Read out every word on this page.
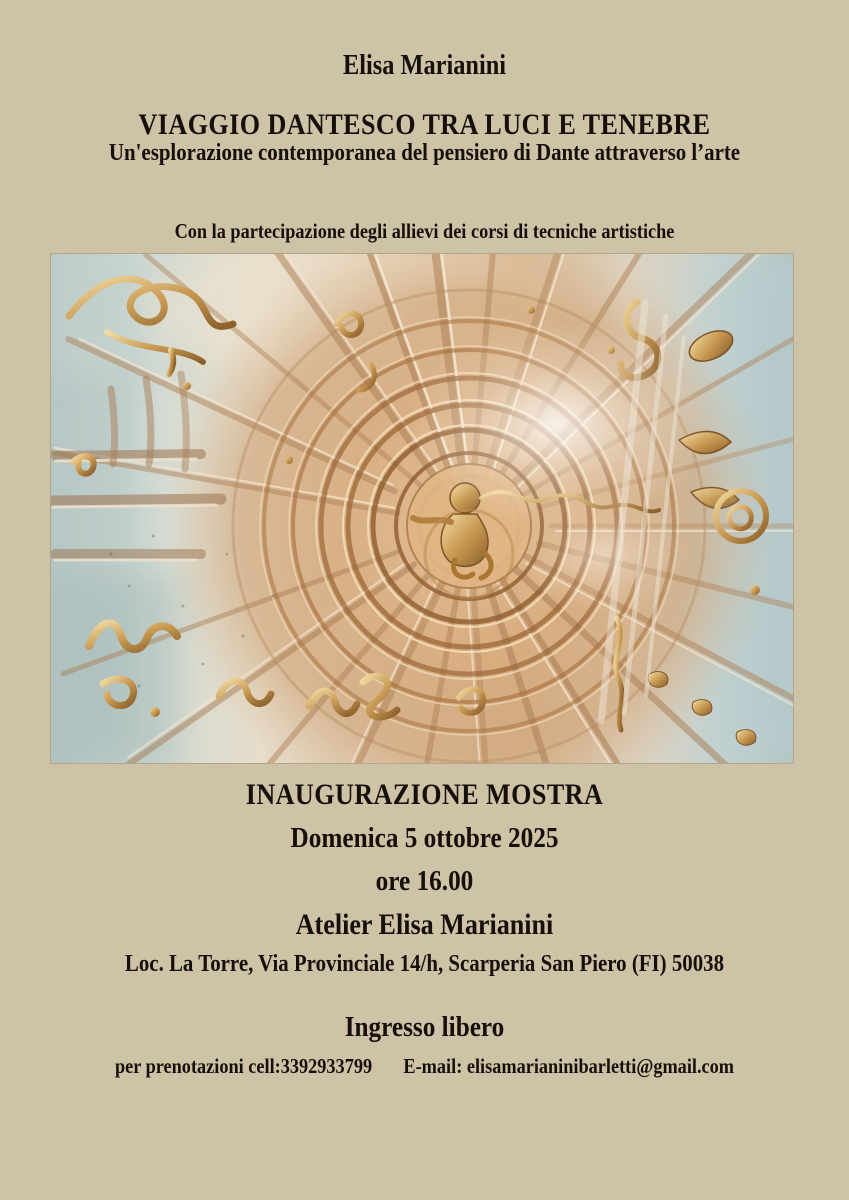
Elisa Marianini
VIAGGIO DANTESCO TRA LUCI E TENEBRE
Un'esplorazione contemporanea del pensiero di Dante attraverso l’arte
Con la partecipazione degli allievi dei corsi di tecniche artistiche
INAUGURAZIONE MOSTRA
Domenica 5 ottobre 2025
ore 16.00
Atelier Elisa Marianini
Loc. La Torre, Via Provinciale 14/h, Scarperia San Piero (FI) 50038
Ingresso libero
per prenotazioni cell:3392933799 E-mail: elisamarianinibarletti@gmail.com
